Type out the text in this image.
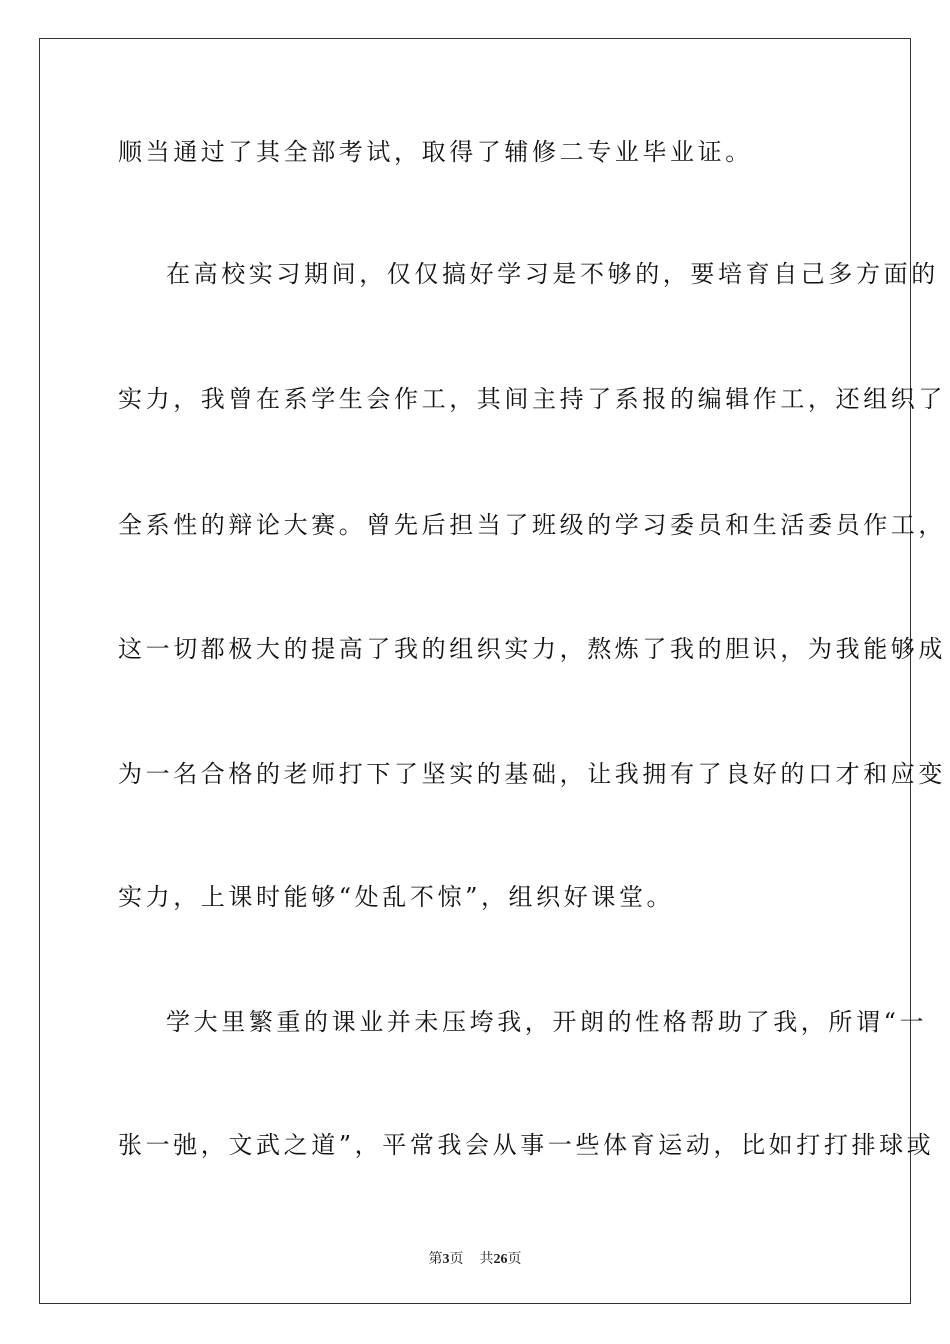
顺当通过了其全部考试，取得了辅修二专业毕业证。
在高校实习期间，仅仅搞好学习是不够的，要培育自己多方面的
实力，我曾在系学生会作工，其间主持了系报的编辑作工，还组织了
全系性的辩论大赛。曾先后担当了班级的学习委员和生活委员作工，
这一切都极大的提高了我的组织实力，熬炼了我的胆识，为我能够成
为一名合格的老师打下了坚实的基础，让我拥有了良好的口才和应变
实力，上课时能够“处乱不惊”，组织好课堂。
学大里繁重的课业并未压垮我，开朗的性格帮助了我，所谓“一
张一弛，文武之道”，平常我会从事一些体育运动，比如打打排球或
第3页 共26页
